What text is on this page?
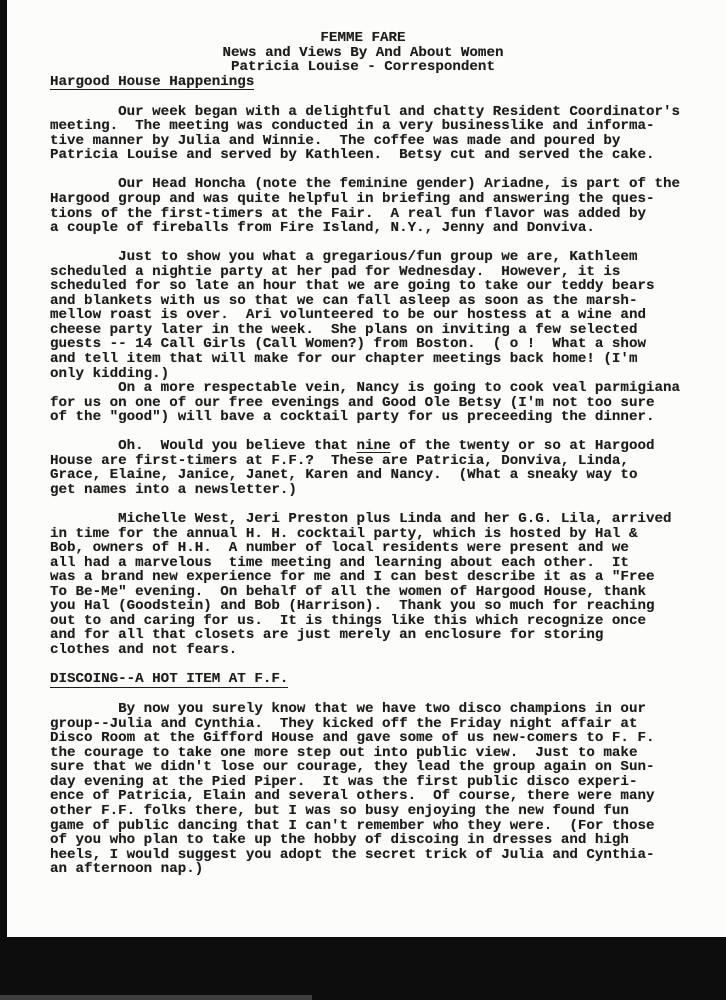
FEMME FARE
News and Views By And About Women
Patricia Louise - Correspondent
Hargood House Happenings
Our week began with a delightful and chatty Resident Coordinator's
meeting.  The meeting was conducted in a very businesslike and informa-
tive manner by Julia and Winnie.  The coffee was made and poured by
Patricia Louise and served by Kathleen.  Betsy cut and served the cake.
Our Head Honcha (note the feminine gender) Ariadne, is part of the
Hargood group and was quite helpful in briefing and answering the ques-
tions of the first-timers at the Fair.  A real fun flavor was added by
a couple of fireballs from Fire Island, N.Y., Jenny and Donviva.
Just to show you what a gregarious/fun group we are, Kathleem
scheduled a nightie party at her pad for Wednesday.  However, it is
scheduled for so late an hour that we are going to take our teddy bears
and blankets with us so that we can fall asleep as soon as the marsh-
mellow roast is over.  Ari volunteered to be our hostess at a wine and
cheese party later in the week.  She plans on inviting a few selected
guests -- 14 Call Girls (Call Women?) from Boston.  ( o !  What a show
and tell item that will make for our chapter meetings back home! (I'm
only kidding.)
On a more respectable vein, Nancy is going to cook veal parmigiana
for us on one of our free evenings and Good Ole Betsy (I'm not too sure
of the "good") will bave a cocktail party for us preceeding the dinner.
Oh.  Would you believe that nine of the twenty or so at Hargood
House are first-timers at F.F.?  These are Patricia, Donviva, Linda,
Grace, Elaine, Janice, Janet, Karen and Nancy.  (What a sneaky way to
get names into a newsletter.)
Michelle West, Jeri Preston plus Linda and her G.G. Lila, arrived
in time for the annual H. H. cocktail party, which is hosted by Hal &
Bob, owners of H.H.  A number of local residents were present and we
all had a marvelous  time meeting and learning about each other.  It
was a brand new experience for me and I can best describe it as a "Free
To Be-Me" evening.  On behalf of all the women of Hargood House, thank
you Hal (Goodstein) and Bob (Harrison).  Thank you so much for reaching
out to and caring for us.  It is things like this which recognize once
and for all that closets are just merely an enclosure for storing
clothes and not fears.
DISCOING--A HOT ITEM AT F.F.
By now you surely know that we have two disco champions in our
group--Julia and Cynthia.  They kicked off the Friday night affair at
Disco Room at the Gifford House and gave some of us new-comers to F. F.
the courage to take one more step out into public view.  Just to make
sure that we didn't lose our courage, they lead the group again on Sun-
day evening at the Pied Piper.  It was the first public disco experi-
ence of Patricia, Elain and several others.  Of course, there were many
other F.F. folks there, but I was so busy enjoying the new found fun
game of public dancing that I can't remember who they were.  (For those
of you who plan to take up the hobby of discoing in dresses and high
heels, I would suggest you adopt the secret trick of Julia and Cynthia-
an afternoon nap.)
